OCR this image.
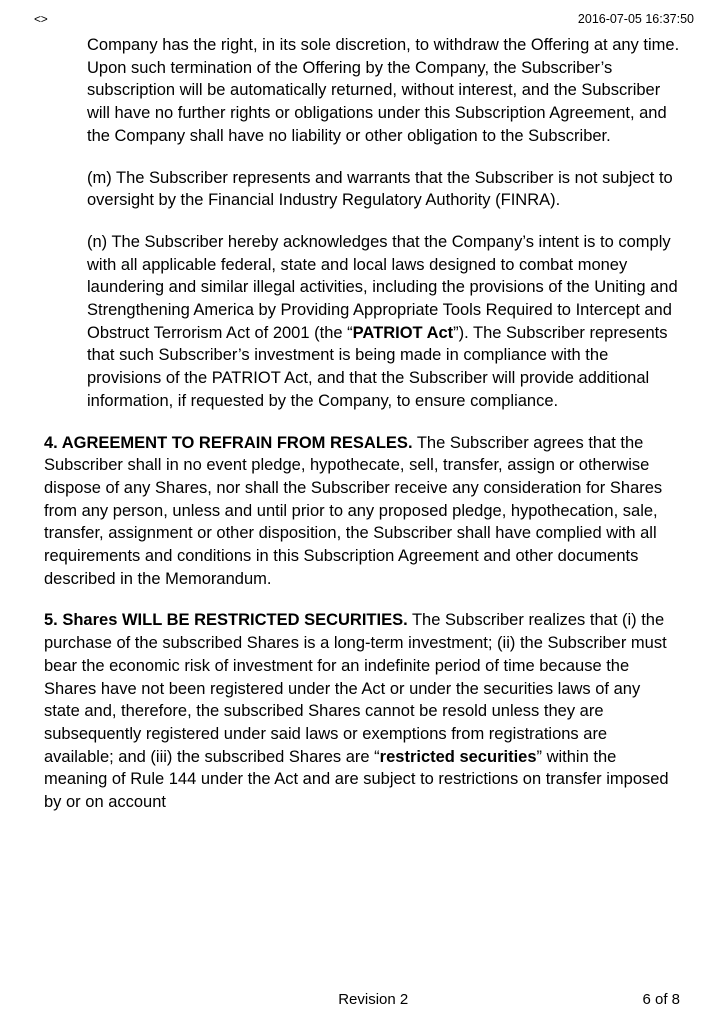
<>	2016-07-05 16:37:50
Company has the right, in its sole discretion, to withdraw the Offering at any time. Upon such termination of the Offering by the Company, the Subscriber’s subscription will be automatically returned, without interest, and the Subscriber will have no further rights or obligations under this Subscription Agreement, and the Company shall have no liability or other obligation to the Subscriber.
(m) The Subscriber represents and warrants that the Subscriber is not subject to oversight by the Financial Industry Regulatory Authority (FINRA).
(n) The Subscriber hereby acknowledges that the Company’s intent is to comply with all applicable federal, state and local laws designed to combat money laundering and similar illegal activities, including the provisions of the Uniting and Strengthening America by Providing Appropriate Tools Required to Intercept and Obstruct Terrorism Act of 2001 (the “PATRIOT Act”). The Subscriber represents that such Subscriber’s investment is being made in compliance with the provisions of the PATRIOT Act, and that the Subscriber will provide additional information, if requested by the Company, to ensure compliance.
4. AGREEMENT TO REFRAIN FROM RESALES. The Subscriber agrees that the Subscriber shall in no event pledge, hypothecate, sell, transfer, assign or otherwise dispose of any Shares, nor shall the Subscriber receive any consideration for Shares from any person, unless and until prior to any proposed pledge, hypothecation, sale, transfer, assignment or other disposition, the Subscriber shall have complied with all requirements and conditions in this Subscription Agreement and other documents described in the Memorandum.
5. Shares WILL BE RESTRICTED SECURITIES. The Subscriber realizes that (i) the purchase of the subscribed Shares is a long-term investment; (ii) the Subscriber must bear the economic risk of investment for an indefinite period of time because the Shares have not been registered under the Act or under the securities laws of any state and, therefore, the subscribed Shares cannot be resold unless they are subsequently registered under said laws or exemptions from registrations are available; and (iii) the subscribed Shares are “restricted securities” within the meaning of Rule 144 under the Act and are subject to restrictions on transfer imposed by or on account
Revision 2	6 of 8
